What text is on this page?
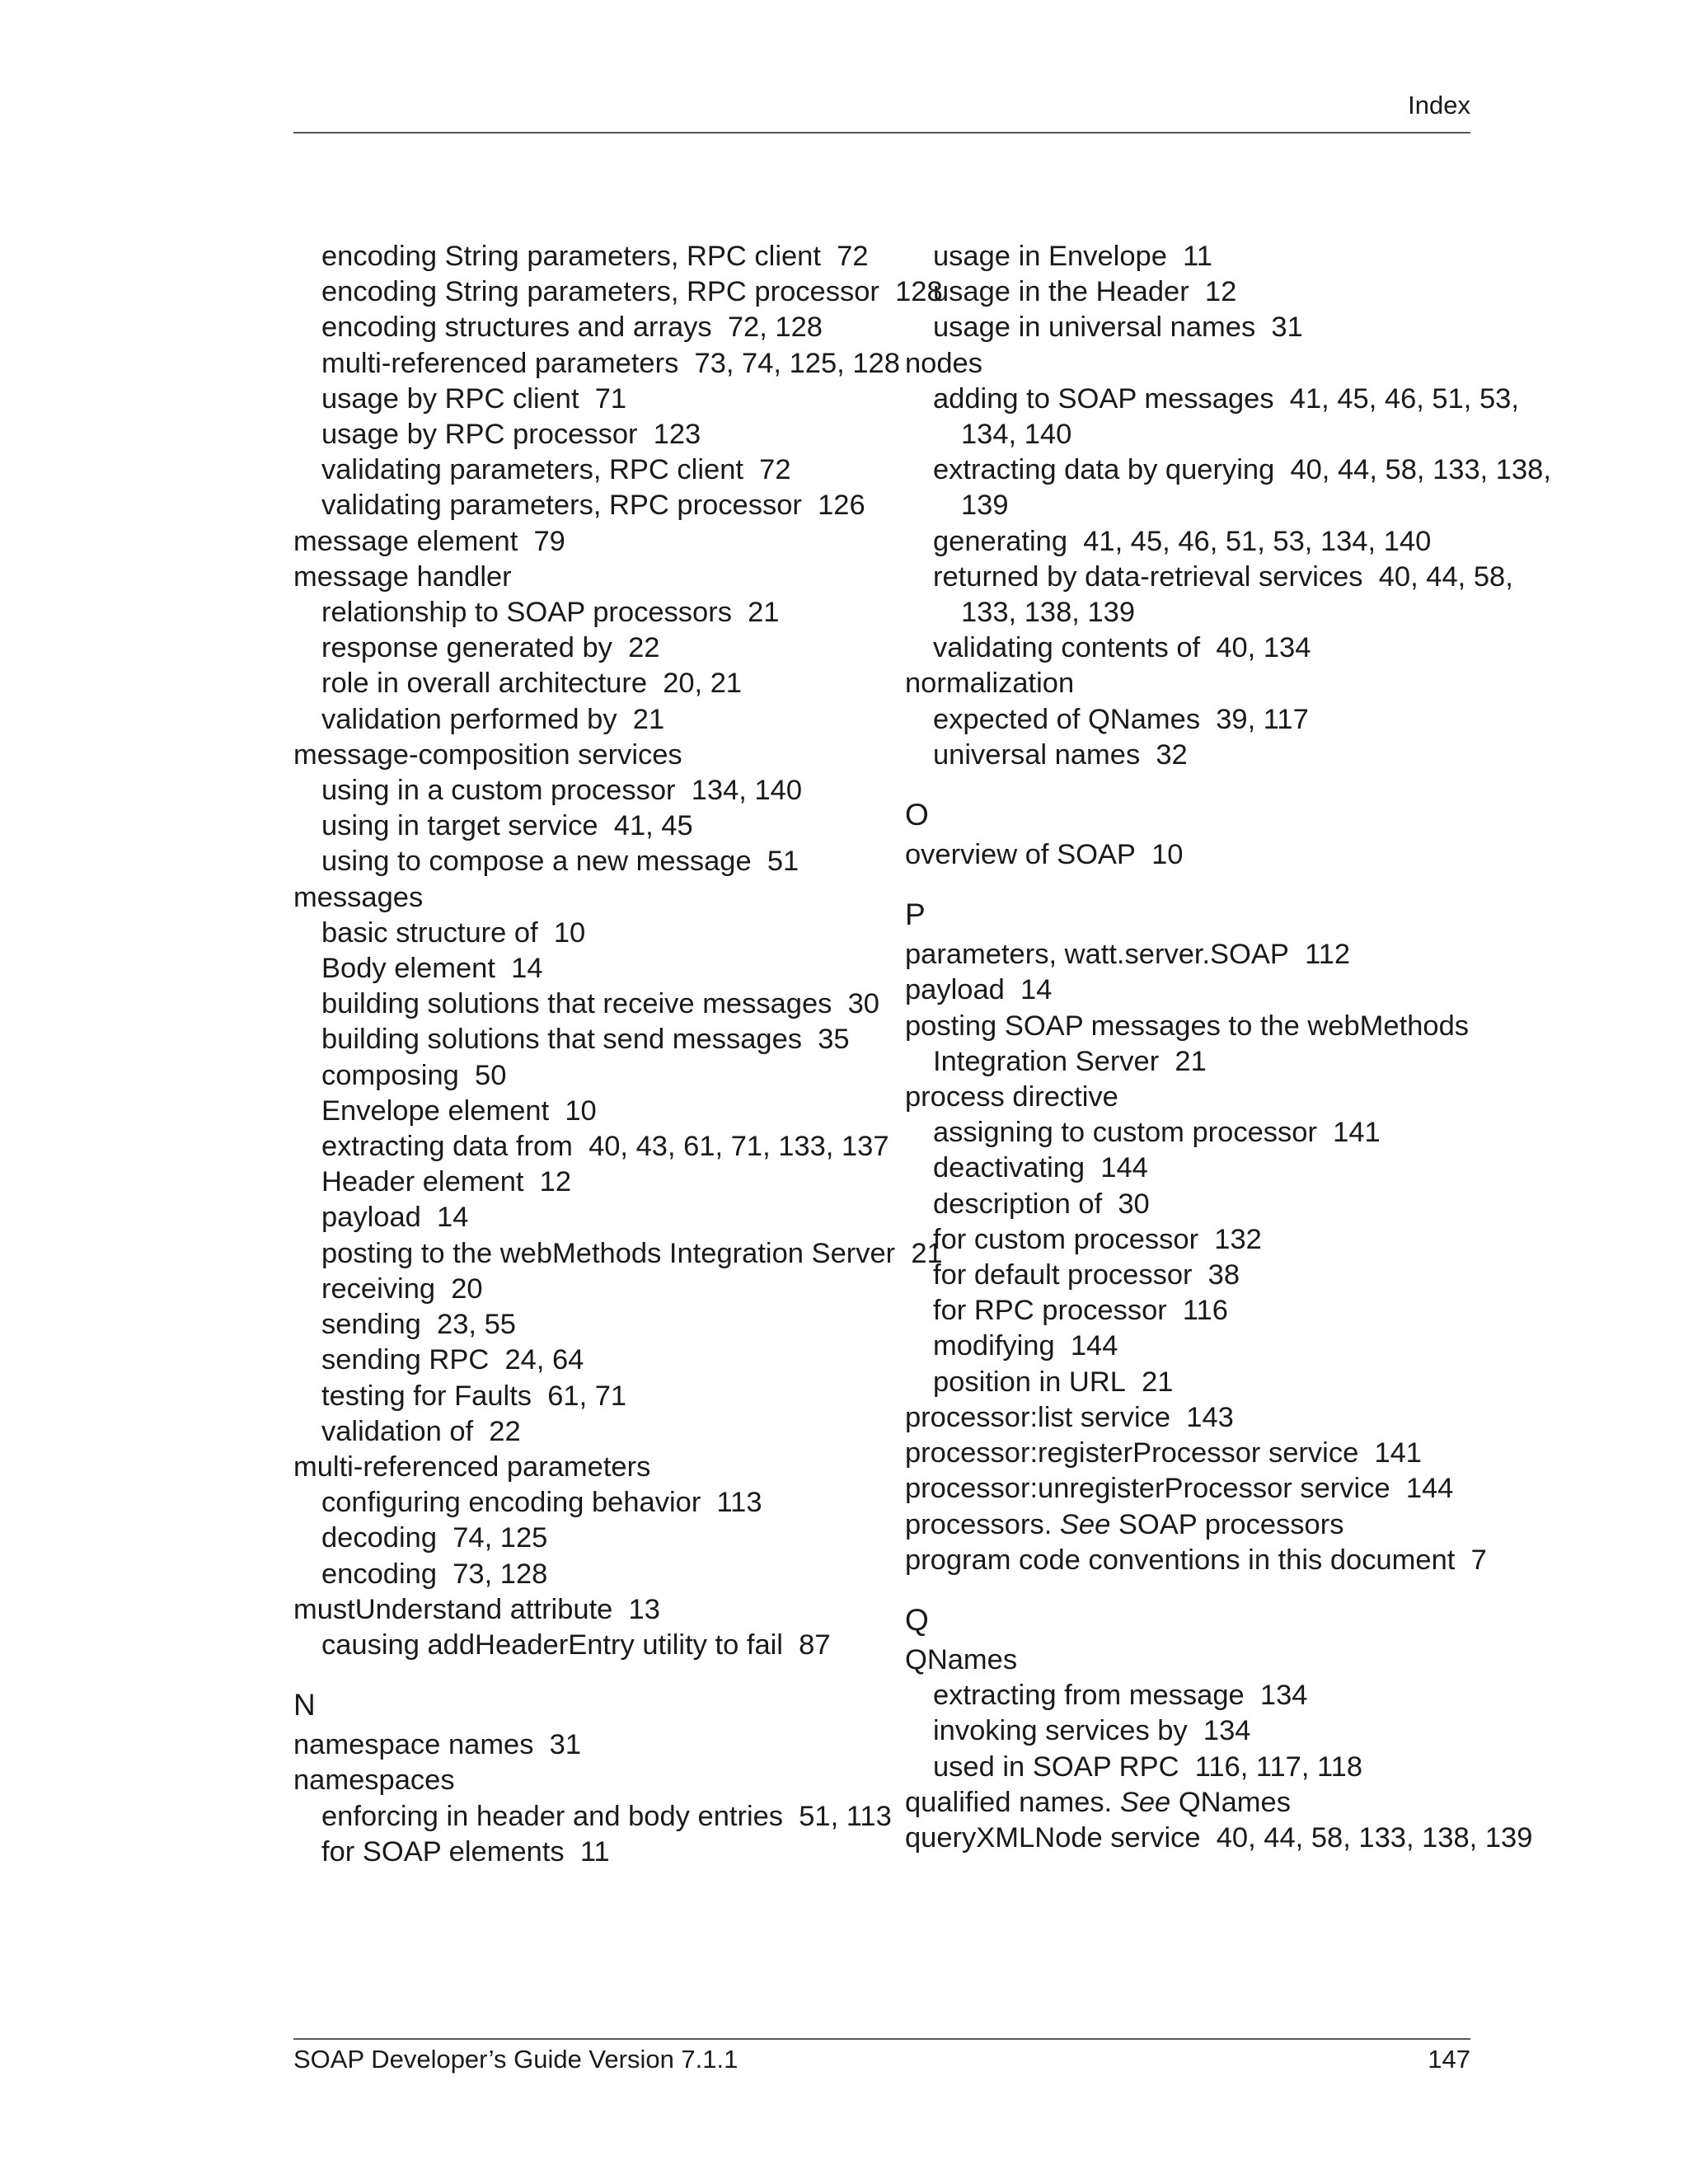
Index
encoding String parameters, RPC client 72
encoding String parameters, RPC processor 128
encoding structures and arrays 72, 128
multi-referenced parameters 73, 74, 125, 128
usage by RPC client 71
usage by RPC processor 123
validating parameters, RPC client 72
validating parameters, RPC processor 126
message element 79
message handler
relationship to SOAP processors 21
response generated by 22
role in overall architecture 20, 21
validation performed by 21
message-composition services
using in a custom processor 134, 140
using in target service 41, 45
using to compose a new message 51
messages
basic structure of 10
Body element 14
building solutions that receive messages 30
building solutions that send messages 35
composing 50
Envelope element 10
extracting data from 40, 43, 61, 71, 133, 137
Header element 12
payload 14
posting to the webMethods Integration Server 21
receiving 20
sending 23, 55
sending RPC 24, 64
testing for Faults 61, 71
validation of 22
multi-referenced parameters
configuring encoding behavior 113
decoding 74, 125
encoding 73, 128
mustUnderstand attribute 13
causing addHeaderEntry utility to fail 87
N
namespace names 31
namespaces
enforcing in header and body entries 51, 113
for SOAP elements 11
usage in Envelope 11
usage in the Header 12
usage in universal names 31
nodes
adding to SOAP messages 41, 45, 46, 51, 53,
134, 140
extracting data by querying 40, 44, 58, 133, 138,
139
generating 41, 45, 46, 51, 53, 134, 140
returned by data-retrieval services 40, 44, 58,
133, 138, 139
validating contents of 40, 134
normalization
expected of QNames 39, 117
universal names 32
O
overview of SOAP 10
P
parameters, watt.server.SOAP 112
payload 14
posting SOAP messages to the webMethods
Integration Server 21
process directive
assigning to custom processor 141
deactivating 144
description of 30
for custom processor 132
for default processor 38
for RPC processor 116
modifying 144
position in URL 21
processor:list service 143
processor:registerProcessor service 141
processor:unregisterProcessor service 144
processors. See SOAP processors
program code conventions in this document 7
Q
QNames
extracting from message 134
invoking services by 134
used in SOAP RPC 116, 117, 118
qualified names. See QNames
queryXMLNode service 40, 44, 58, 133, 138, 139
SOAP Developer’s Guide Version 7.1.1	147
